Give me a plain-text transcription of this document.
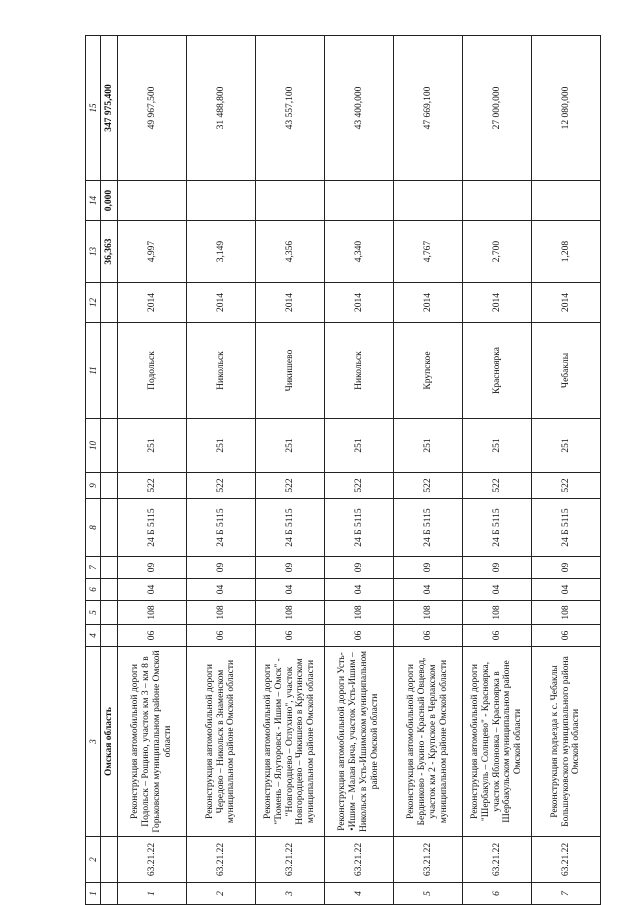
1	2	3	4	5	6	7	8	9	10	11	12	13	14	15
		Омская область										36,363	0,000	347 975,400
1	63.21.22	Реконструкция автомобильной дороги Подольск – Рощино, участок км 3 – км 8 в Горьковском муниципальном районе Омской области	06	108	04	09	24 Б 5115	522	251	Подольск	2014	4,997		49 967,500
2	63.21.22	Реконструкция автомобильной дороги Чередово – Никольск в Знаменском муниципальном районе Омской области	06	108	04	09	24 Б 5115	522	251	Никольск	2014	3,149		31 488,800
3	63.21.22	Реконструкция автомобильной дороги "Тюмень – Ялуторовск - Ишим – Омск" - "Новгородцево – Оглухино", участок Новгородцево – Чикишево в Крутинском муниципальном районе Омской области	06	108	04	09	24 Б 5115	522	251	Чикишево	2014	4,356		43 557,100
4	63.21.22	Реконструкция автомобильной дороги Усть-•Ишим – Малая Бича, участок Усть-Ишим – Никольск в Усть-Ишимском муниципальном районе Омской области	06	108	04	09	24 Б 5115	522	251	Никольск	2014	4,340		43 400,000
5	63.21.22	Реконструкция автомобильной дороги Бердниково - Букино - Красный Овцевод, участок км 2 - Крупское в Черлакском муниципальном районе Омской области	06	108	04	09	24 Б 5115	522	251	Крупское	2014	4,767		47 669,100
6	63.21.22	Реконструкция автомобильной дороги "Шербакуль – Солнцево" - Красноярка, участок Яблоновка – Красноярка в Шербакульском муниципальном районе Омской области	06	108	04	09	24 Б 5115	522	251	Красноярка	2014	2,700		27 000,000
7	63.21.22	Реконструкция подъезда к с. Чебаклы Большеуковского муниципального района Омской области	06	108	04	09	24 Б 5115	522	251	Чебаклы	2014	1,208		12 080,000
